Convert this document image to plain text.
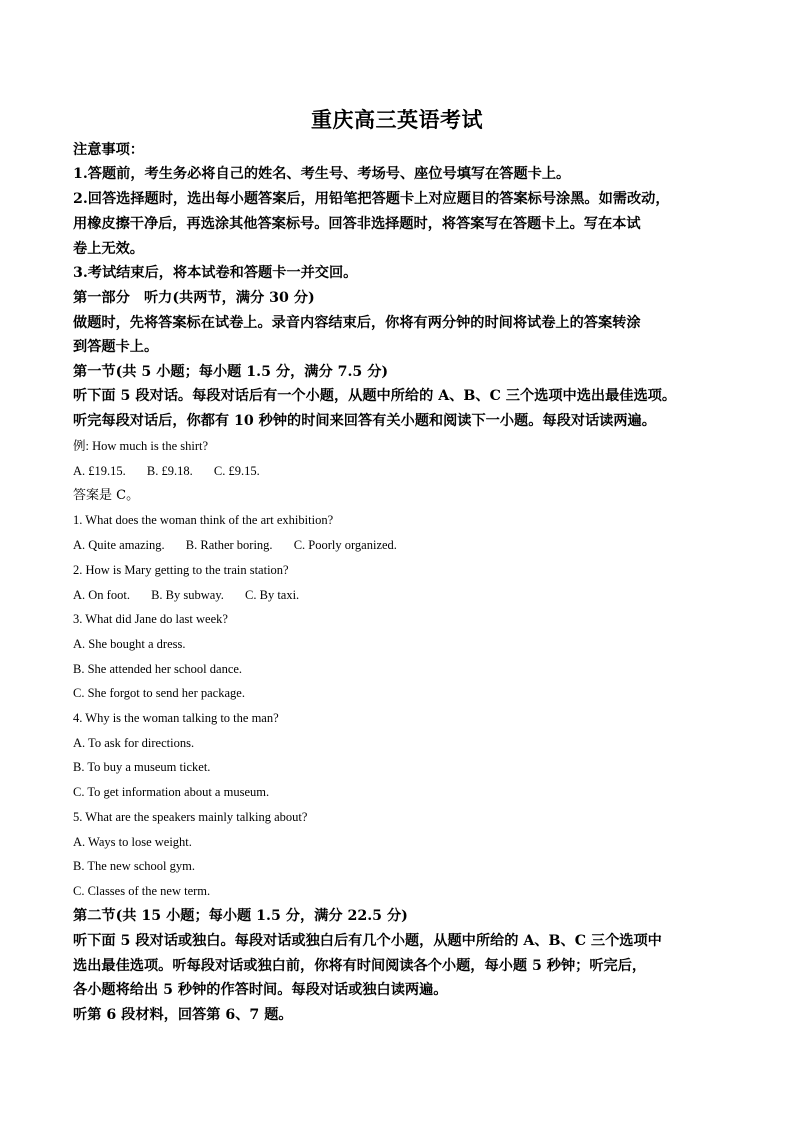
重庆高三英语考试
注意事项：
1.答题前，考生务必将自己的姓名、考生号、考场号、座位号填写在答题卡上。
2.回答选择题时，选出每小题答案后，用铅笔把答题卡上对应题目的答案标号涂黑。如需改动，
用橡皮擦干净后，再选涂其他答案标号。回答非选择题时，将答案写在答题卡上。写在本试
卷上无效。
3.考试结束后，将本试卷和答题卡一并交回。
第一部分　听力(共两节，满分 30 分)
做题时，先将答案标在试卷上。录音内容结束后，你将有两分钟的时间将试卷上的答案转涂
到答题卡上。
第一节(共 5 小题；每小题 1.5 分，满分 7.5 分)
听下面 5 段对话。每段对话后有一个小题，从题中所给的 A、B、C 三个选项中选出最佳选项。
听完每段对话后，你都有 10 秒钟的时间来回答有关小题和阅读下一小题。每段对话读两遍。
例: How much is the shirt?
A. £19.15. B. £9.18. C. £9.15.
答案是 C。
1. What does the woman think of the art exhibition?
A. Quite amazing. B. Rather boring. C. Poorly organized.
2. How is Mary getting to the train station?
A. On foot. B. By subway. C. By taxi.
3. What did Jane do last week?
A. She bought a dress.
B. She attended her school dance.
C. She forgot to send her package.
4. Why is the woman talking to the man?
A. To ask for directions.
B. To buy a museum ticket.
C. To get information about a museum.
5. What are the speakers mainly talking about?
A. Ways to lose weight.
B. The new school gym.
C. Classes of the new term.
第二节(共 15 小题；每小题 1.5 分，满分 22.5 分)
听下面 5 段对话或独白。每段对话或独白后有几个小题，从题中所给的 A、B、C 三个选项中
选出最佳选项。听每段对话或独白前，你将有时间阅读各个小题，每小题 5 秒钟；听完后，
各小题将给出 5 秒钟的作答时间。每段对话或独白读两遍。
听第 6 段材料，回答第 6、7 题。
